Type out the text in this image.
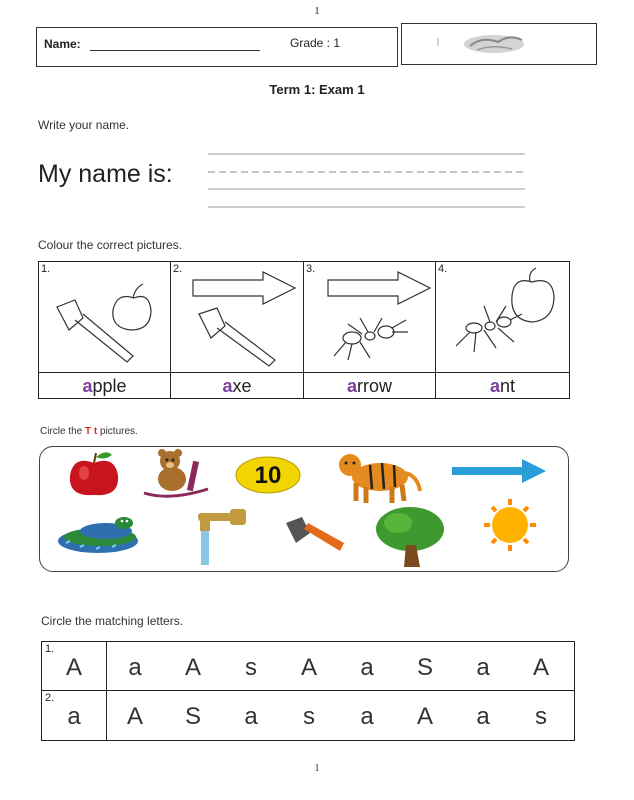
1
Name:	Grade : 1
Term 1: Exam 1
Write your name.
My name is:
Colour the correct pictures.
1.	2.	3.	4.
apple	axe	arrow	ant
Circle the T t pictures.
10
Circle the matching letters.
1.
A	a	A	s	A	a	S	a	A
2.
a	A	S	a	s	a	A	a	s
1
